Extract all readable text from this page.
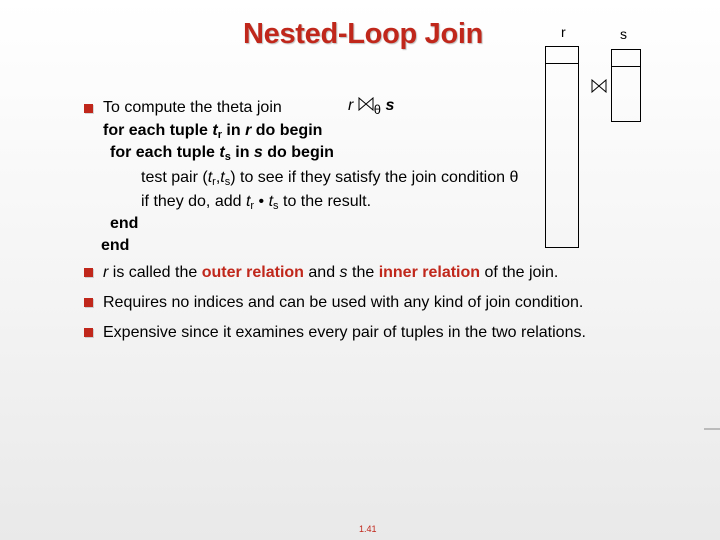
Nested-Loop Join	r	s
To compute the theta join	r $_\theta$ s
for each tuple $t_r$ in r do begin
for each tuple $t_s$ in s do begin
test pair $(t_r,t_s)$ to see if they satisfy the join condition θ
if they do, add $t_r$ • $t_s$ to the result.
end
end
r is called the outer relation and s the inner relation of the join.
Requires no indices and can be used with any kind of join condition.
Expensive since it examines every pair of tuples in the two relations.
1.41
